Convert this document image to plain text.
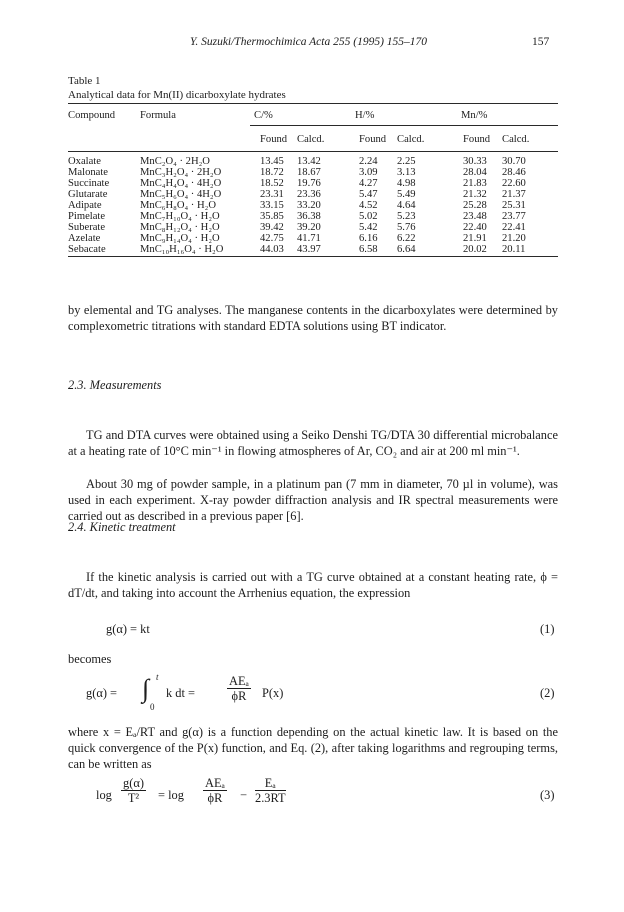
Y. Suzuki/Thermochimica Acta 255 (1995) 155–170	157
Table 1
Analytical data for Mn(II) dicarboxylate hydrates
Compound Formula	C/%	H/%	Mn/%
Found Calcd.	Found Calcd.	Found Calcd.
Oxalate	MnC₂O₄ · 2H₂O	13.45 13.42	2.24 2.25	30.33 30.70
Malonate	MnC₃H₂O₄ · 2H₂O	18.72 18.67	3.09 3.13	28.04 28.46
Succinate	MnC₄H₄O₄ · 4H₂O	18.52 19.76	4.27 4.98	21.83 22.60
Glutarate	MnC₅H₆O₄ · 4H₂O	23.31 23.36	5.47 5.49	21.32 21.37
Adipate	MnC₆H₈O₄ · H₂O	33.15 33.20	4.52 4.64	25.28 25.31
Pimelate	MnC₇H₁₀O₄ · H₂O	35.85 36.38	5.02 5.23	23.48 23.77
Suberate	MnC₈H₁₂O₄ · H₂O	39.42 39.20	5.42 5.76	22.40 22.41
Azelate	MnC₉H₁₄O₄ · H₂O	42.75 41.71	6.16 6.22	21.91 21.20
Sebacate	MnC₁₀H₁₆O₄ · H₂O	44.03 43.97	6.58 6.64	20.02 20.11
by elemental and TG analyses. The manganese contents in the dicarboxylates were determined by complexometric titrations with standard EDTA solutions using BT indicator.
2.3. Measurements
TG and DTA curves were obtained using a Seiko Denshi TG/DTA 30 differential microbalance at a heating rate of 10°C min⁻¹ in flowing atmospheres of Ar, CO₂ and air at 200 ml min⁻¹.
About 30 mg of powder sample, in a platinum pan (7 mm in diameter, 70 µl in volume), was used in each experiment. X-ray powder diffraction analysis and IR spectral measurements were carried out as described in a previous paper [6].
2.4. Kinetic treatment
If the kinetic analysis is carried out with a TG curve obtained at a constant heating rate, ϕ = dT/dt, and taking into account the Arrhenius equation, the expression
g(α) = kt	(1)
becomes
g(α) = ∫ t
0
k dt =
AEₐ
ϕR	P(x)	(2)
where x = Eₐ/RT and g(α) is a function depending on the actual kinetic law. It is based on the quick convergence of the P(x) function, and Eq. (2), after taking logarithms and regrouping terms, can be written as
$\log \frac{g(\alpha)}{\text{T²}} = \log$
AEₐ
ϕR	− $\frac{\text{Eₐ}}{2.3RT}$	(3)
